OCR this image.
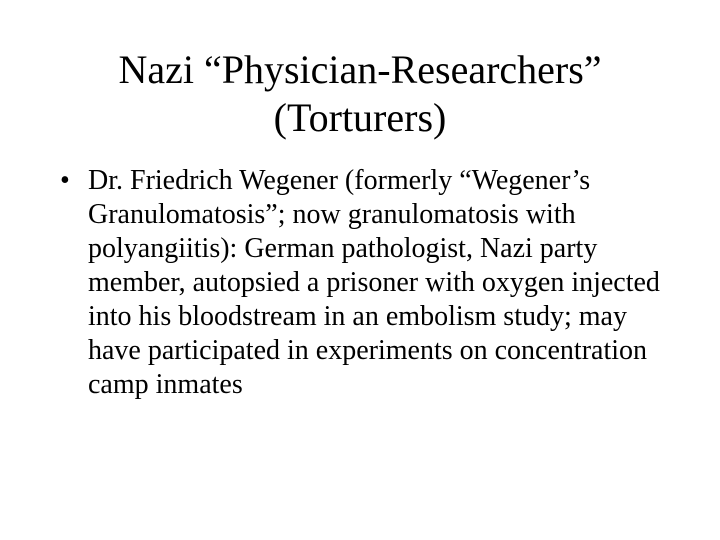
Nazi “Physician-Researchers”
(Torturers)
• Dr. Friedrich Wegener (formerly “Wegener’s Granulomatosis”; now granulomatosis with polyangiitis): German pathologist, Nazi party member, autopsied a prisoner with oxygen injected into his bloodstream in an embolism study; may have participated in experiments on concentration camp inmates
